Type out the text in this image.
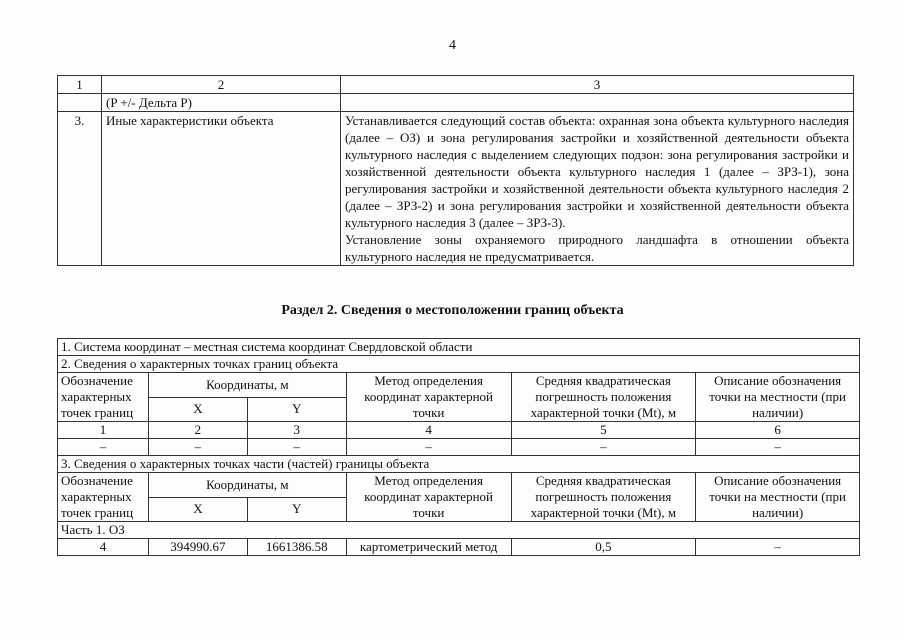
4
1	2	3
	(P +/- Дельта P)	
3.	Иные характеристики объекта	Устанавливается следующий состав объекта: охранная зона объекта культурного наследия (далее – ОЗ) и зона регулирования застройки и хозяйственной деятельности объекта культурного наследия с выделением следующих подзон: зона регулирования застройки и хозяйственной деятельности объекта культурного наследия 1 (далее – ЗРЗ-1), зона регулирования застройки и хозяйственной деятельности объекта культурного наследия 2 (далее – ЗРЗ-2) и зона регулирования застройки и хозяйственной деятельности объекта культурного наследия 3 (далее – ЗРЗ-3).

Установление зоны охраняемого природного ландшафта в отношении объекта культурного наследия не предусматривается.

Раздел 2. Сведения о местоположении границ объекта
1. Система координат – местная система координат Свердловской области					
2. Сведения о характерных точках границ объекта					
Обозначение характерных точек границ	Координаты, м		Метод определения координат характерной точки	Средняя квадратическая погрешность положения характерной точки (Mt), м	Описание обозначения точки на местности (при наличии)
	X	Y			
1	2	3	4	5	6
–	–	–	–	–	–
3. Сведения о характерных точках части (частей) границы объекта					
Обозначение характерных точек границ	Координаты, м		Метод определения координат характерной точки	Средняя квадратическая погрешность положения характерной точки (Mt), м	Описание обозначения точки на местности (при наличии)
	X	Y			
Часть 1. ОЗ					
4	394990.67	1661386.58	картометрический метод	0,5	–
